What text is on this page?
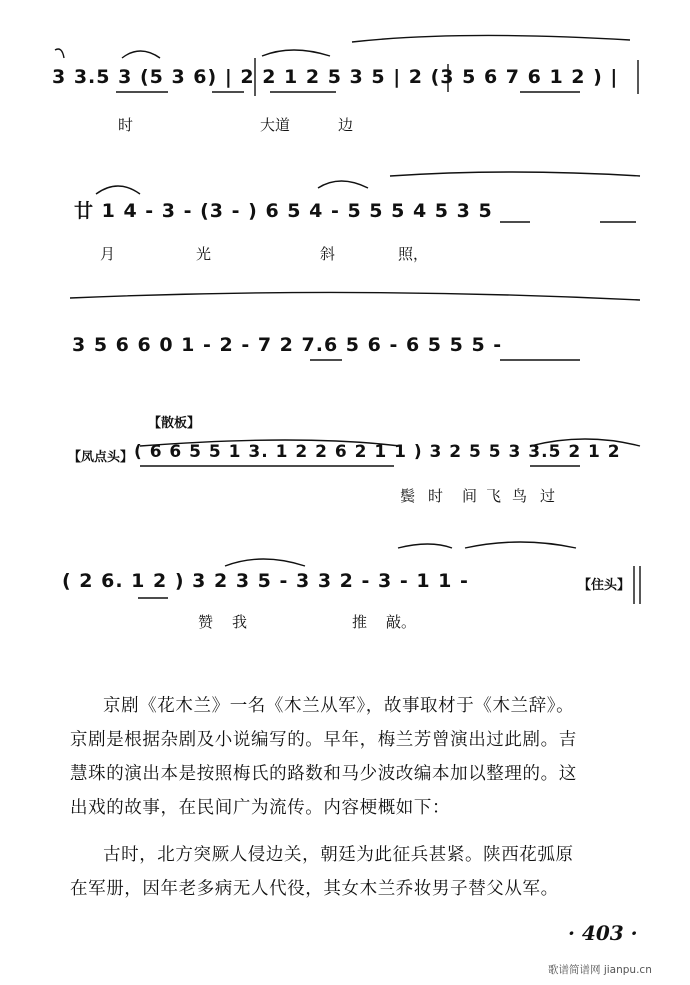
3 3.5 3 (5 3 6) | 2 2 1 2 5 3 5 | 2 (3 5 6 7 6 1 2 ) |
时	大道	边
廿 1 4 - 3 - (3 - ) 6 5 4 - 5 5 5 4 5 3 5
月	光	斜	照，
3 5 6 6 0 1 - 2 - 7 2 7.6 5 6 - 6 5 5 5 -
【散板】
【凤点头】 ( 6 6 5 5 1 3. 1 2 2 6 2 1 1 ) 3 2 5 5 3 3.5 2 1 2
鬓 时 间 飞 鸟 过
( 2 6. 1 2 ) 3 2 3 5 - 3 3 2 - 3 - 1 1 -	【住头】
赞 我	推 敲。
京剧《花木兰》一名《木兰从军》，故事取材于《木兰辞》。
京剧是根据杂剧及小说编写的。早年，梅兰芳曾演出过此剧。吉
慧珠的演出本是按照梅氏的路数和马少波改编本加以整理的。这
出戏的故事，在民间广为流传。内容梗概如下：
古时，北方突厥人侵边关，朝廷为此征兵甚紧。陕西花弧原
在军册，因年老多病无人代役，其女木兰乔妆男子替父从军。
· 403 ·
歌谱简谱网 jianpu.cn
